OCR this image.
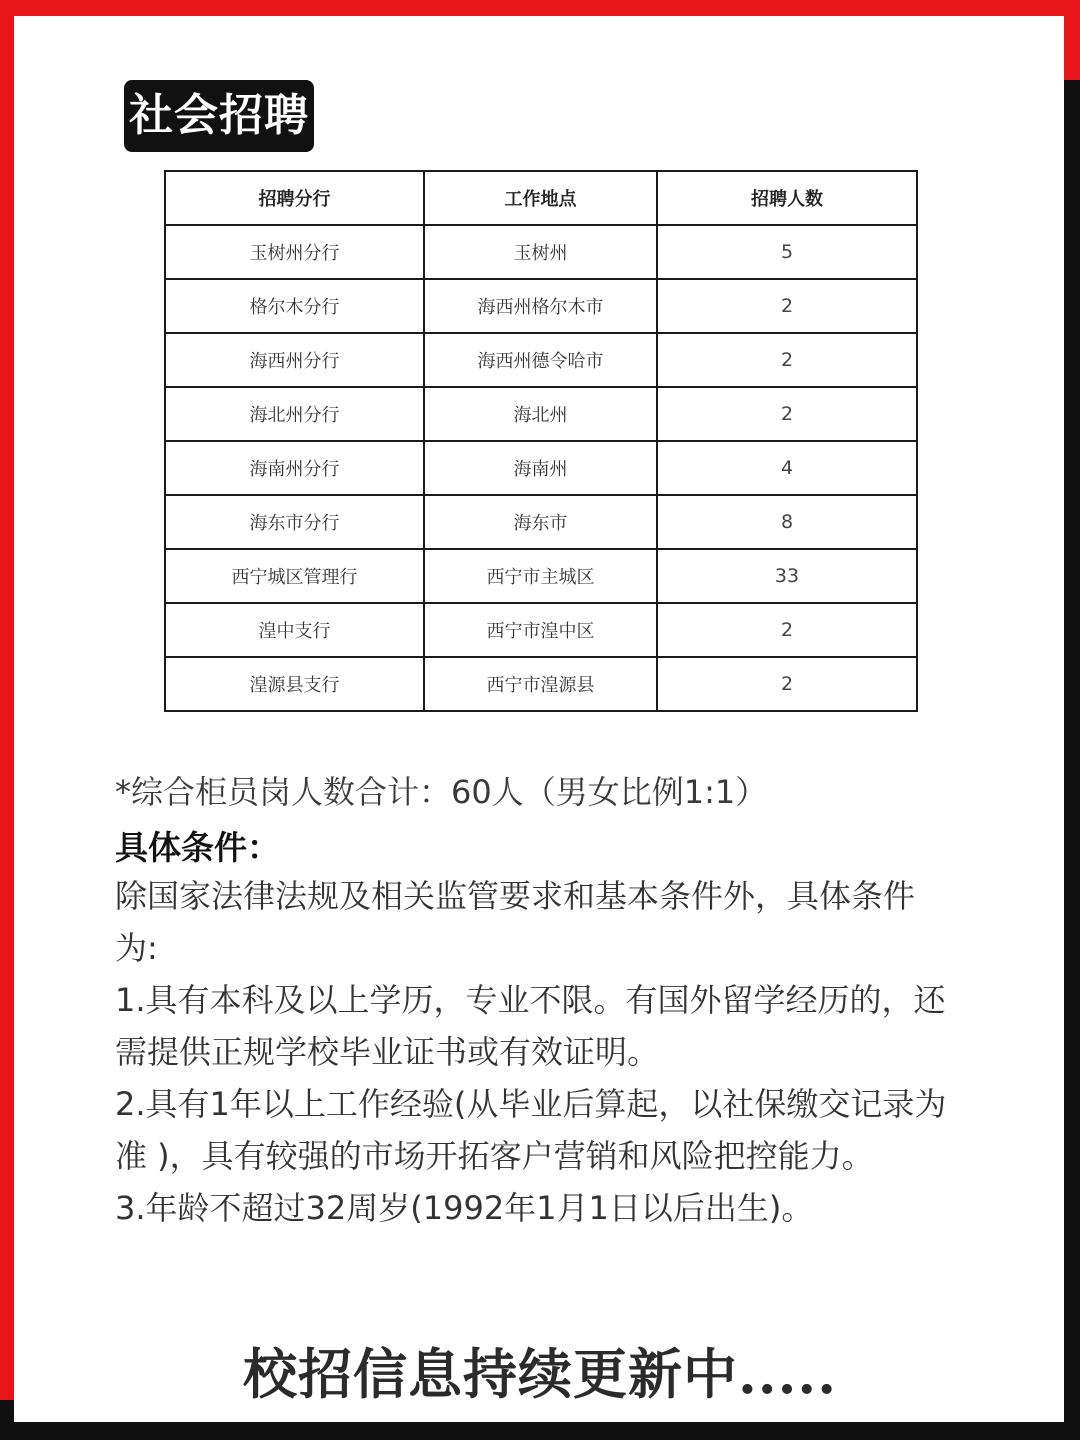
社会招聘
招聘分行	工作地点	招聘人数
玉树州分行	玉树州	5
格尔木分行	海西州格尔木市	2
海西州分行	海西州德令哈市	2
海北州分行	海北州	2
海南州分行	海南州	4
海东市分行	海东市	8
西宁城区管理行	西宁市主城区	33
湟中支行	西宁市湟中区	2
湟源县支行	西宁市湟源县	2
*综合柜员岗人数合计：60人（男女比例1:1）
具体条件：

除国家法律法规及相关监管要求和基本条件外，具体条件为:

1.具有本科及以上学历，专业不限。有国外留学经历的，还需提供正规学校毕业证书或有效证明。

2.具有1年以上工作经验(从毕业后算起，以社保缴交记录为准 )，具有较强的市场开拓客户营销和风险把控能力。

3.年龄不超过32周岁(1992年1月1日以后出生)。

校招信息持续更新中.....
